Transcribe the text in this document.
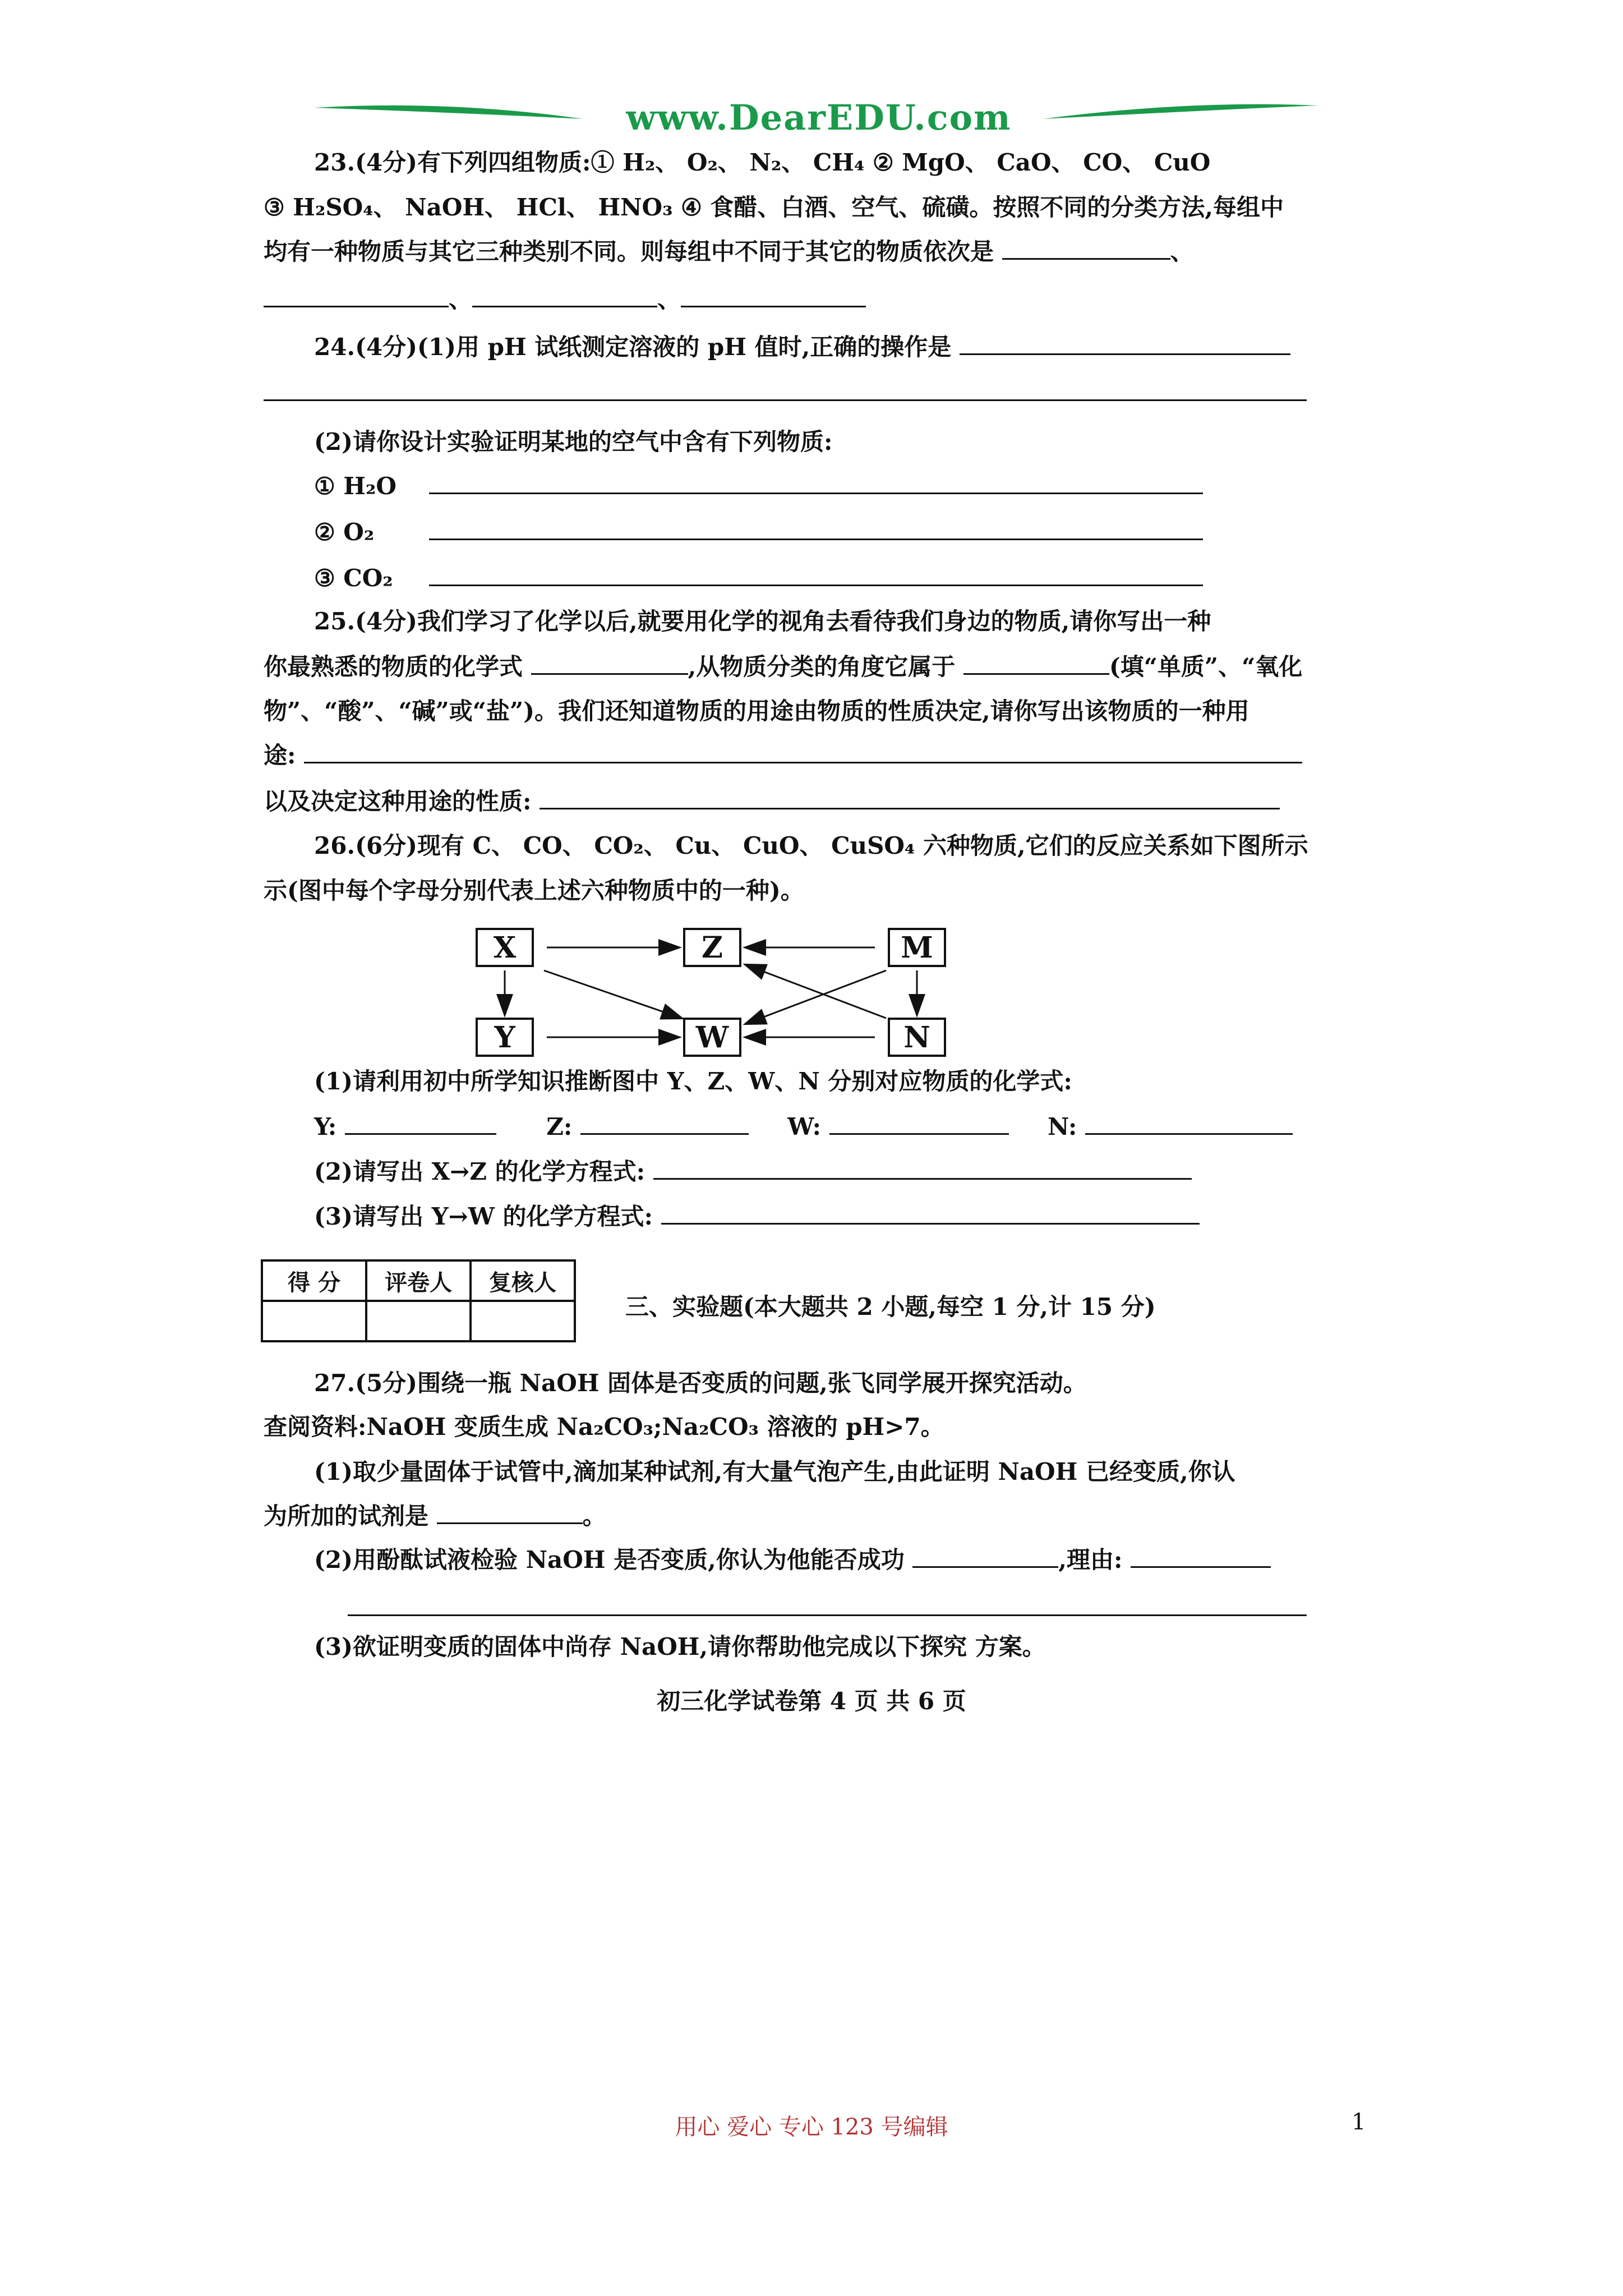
www.DearEDU.com
23.(4分)有下列四组物质:① H₂、 O₂、 N₂、 CH₄ ② MgO、 CaO、 CO、 CuO
③ H₂SO₄、 NaOH、 HCl、 HNO₃ ④ 食醋、白酒、空气、硫磺。按照不同的分类方法,每组中
均有一种物质与其它三种类别不同。则每组中不同于其它的物质依次是	、
、	、
24.(4分)(1)用 pH 试纸测定溶液的 pH 值时,正确的操作是
(2)请你设计实验证明某地的空气中含有下列物质:
① H₂O
② O₂
③ CO₂
25.(4分)我们学习了化学以后,就要用化学的视角去看待我们身边的物质,请你写出一种
你最熟悉的物质的化学式	,从物质分类的角度它属于	(填“单质”、“氧化
物”、“酸”、“碱”或“盐”)。我们还知道物质的用途由物质的性质决定,请你写出该物质的一种用
途:
以及决定这种用途的性质:
26.(6分)现有 C、 CO、 CO₂、 Cu、 CuO、 CuSO₄ 六种物质,它们的反应关系如下图所示
示(图中每个字母分别代表上述六种物质中的一种)。
X	Z	M
Y	W	N
(1)请利用初中所学知识推断图中 Y、Z、W、N 分别对应物质的化学式:
Y:	Z:	W:	N:
(2)请写出 X→Z 的化学方程式:
(3)请写出 Y→W 的化学方程式:
得 分	评卷人	复核人

三、实验题(本大题共 2 小题,每空 1 分,计 15 分)
27.(5分)围绕一瓶 NaOH 固体是否变质的问题,张飞同学展开探究活动。
查阅资料:NaOH 变质生成 Na₂CO₃;Na₂CO₃ 溶液的 pH>7。
(1)取少量固体于试管中,滴加某种试剂,有大量气泡产生,由此证明 NaOH 已经变质,你认
为所加的试剂是	。
(2)用酚酞试液检验 NaOH 是否变质,你认为他能否成功	,理由:
(3)欲证明变质的固体中尚存 NaOH,请你帮助他完成以下探究 方案。
初三化学试卷第 4 页 共 6 页
用心 爱心 专心 123 号编辑	1
